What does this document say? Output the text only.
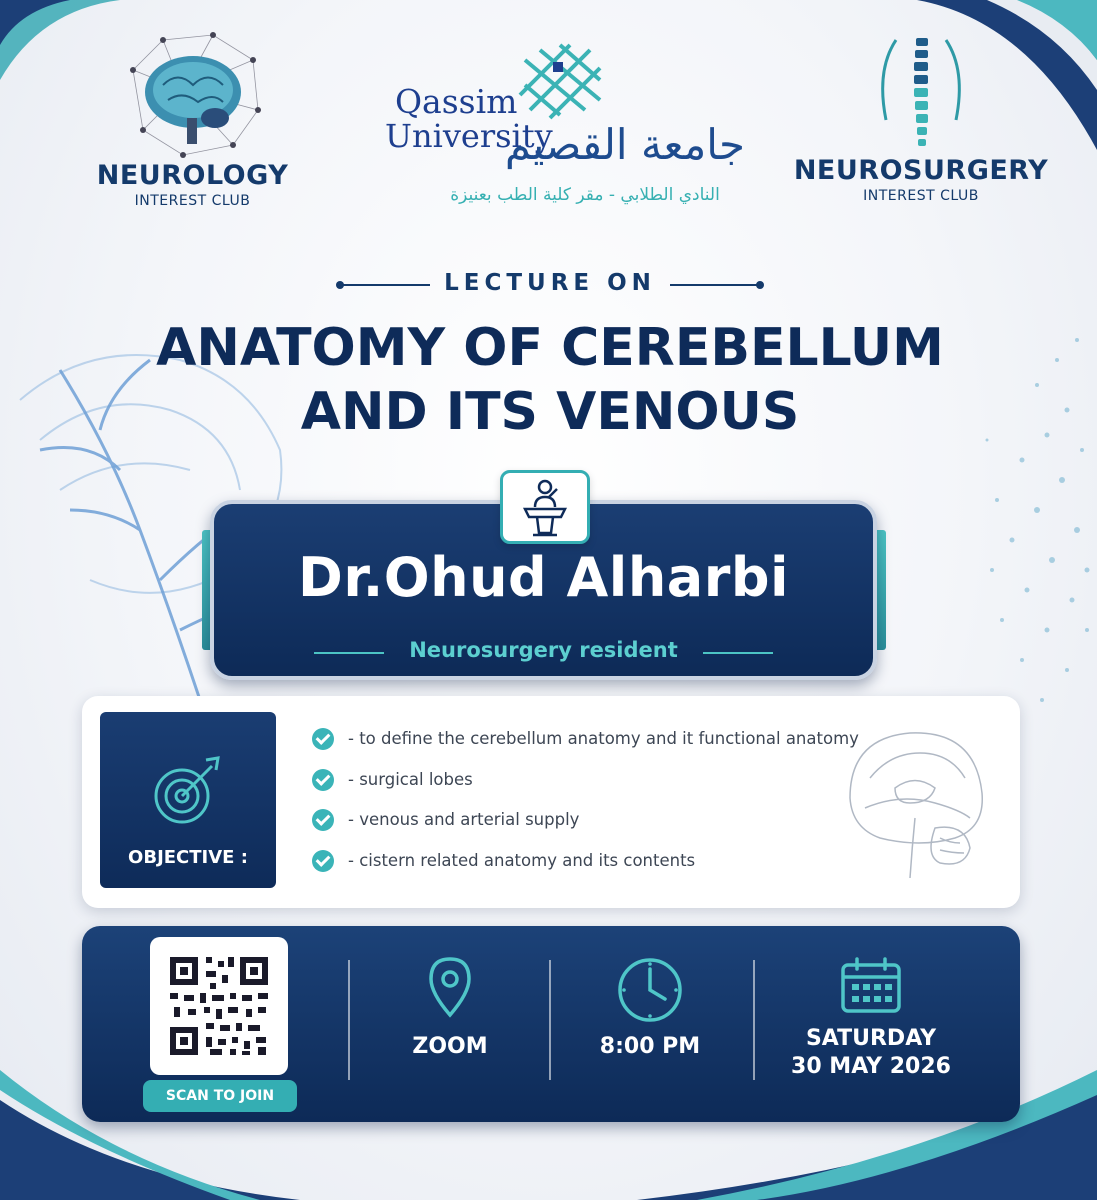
NEUROLOGY
INTEREST CLUB
Qassim
University
جامعة القصيم
النادي الطلابي - مقر كلية الطب بعنيزة
NEUROSURGERY
INTEREST CLUB
LECTURE ON
ANATOMY OF CEREBELLUM
AND ITS VENOUS
Dr.Ohud Alharbi
Neurosurgery resident
OBJECTIVE :
- to define the cerebellum anatomy and it functional anatomy
- surgical lobes
- venous and arterial supply
- cistern related anatomy and its contents
SCAN TO JOIN
ZOOM	8:00 PM	SATURDAY
30 MAY 2026
